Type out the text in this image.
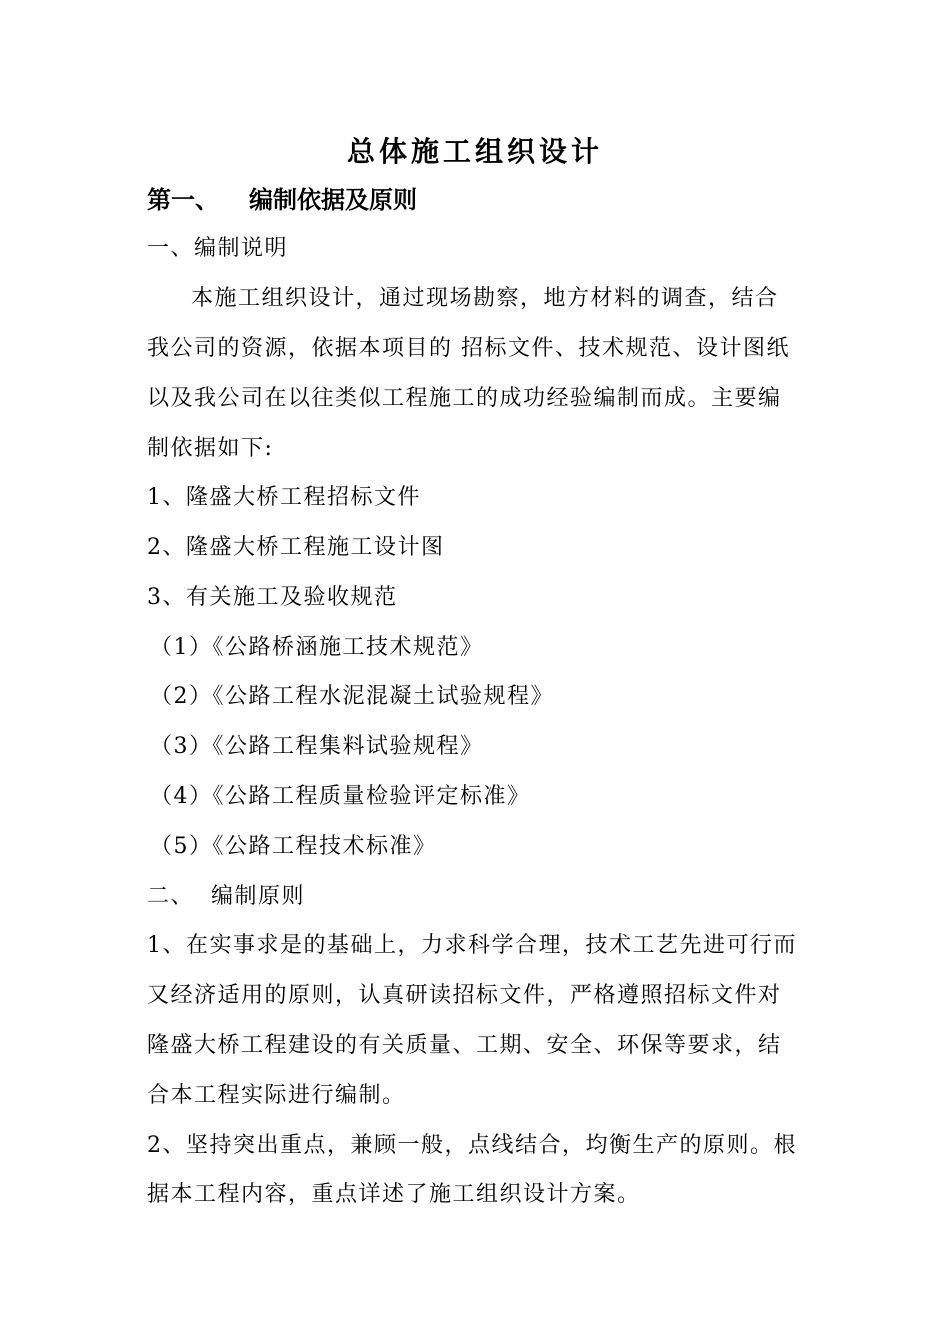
总体施工组织设计
第一、 编制依据及原则
一、编制说明
本施工组织设计，通过现场勘察，地方材料的调查，结合
我公司的资源，依据本项目的 招标文件、技术规范、设计图纸
以及我公司在以往类似工程施工的成功经验编制而成。主要编
制依据如下:
1、隆盛大桥工程招标文件
2、隆盛大桥工程施工设计图
3、有关施工及验收规范
（1）《公路桥涵施工技术规范》
（2）《公路工程水泥混凝土试验规程》
（3）《公路工程集料试验规程》
（4）《公路工程质量检验评定标准》
（5）《公路工程技术标准》
二、  编制原则
1、在实事求是的基础上，力求科学合理，技术工艺先进可行而
又经济适用的原则，认真研读招标文件，严格遵照招标文件对
隆盛大桥工程建设的有关质量、工期、安全、环保等要求，结
合本工程实际进行编制。
2、坚持突出重点，兼顾一般，点线结合，均衡生产的原则。根
据本工程内容，重点详述了施工组织设计方案。
